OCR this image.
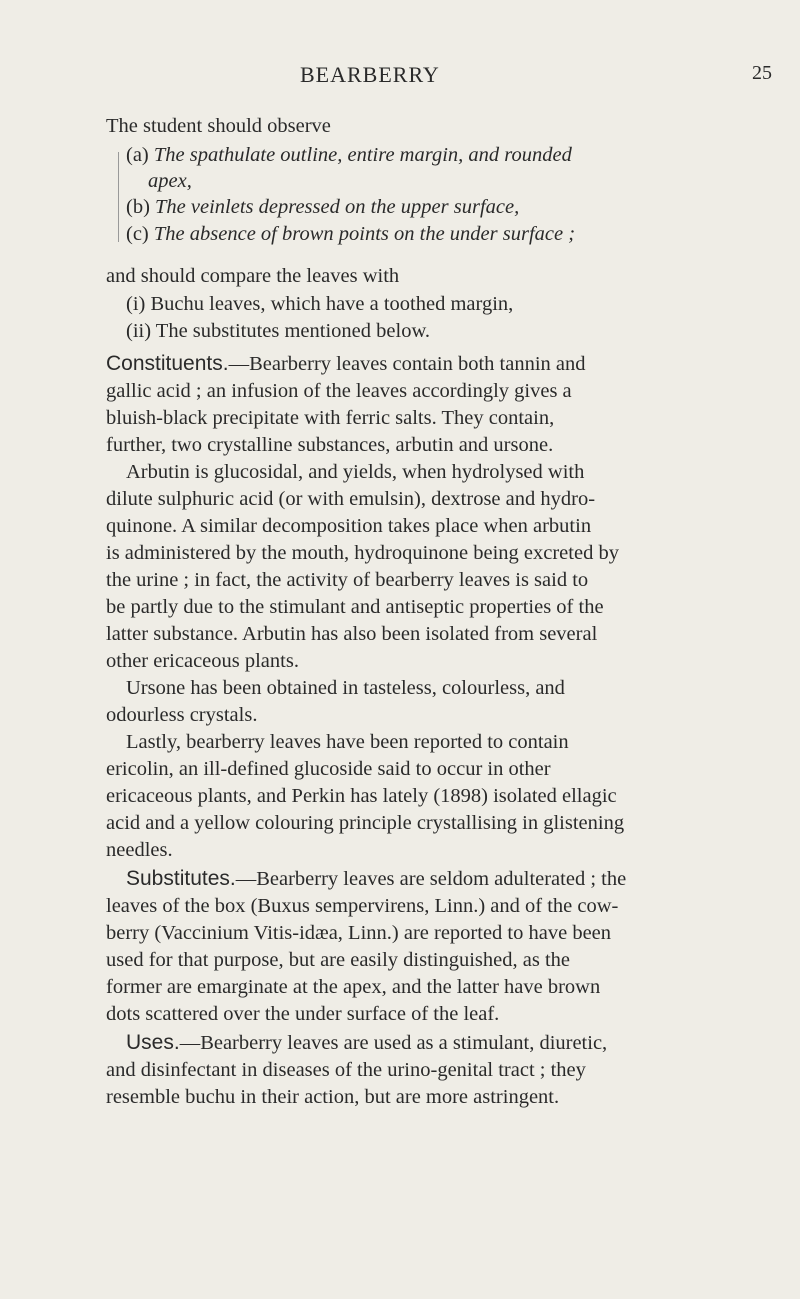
BEARBERRY	25
The student should observe
(a) The spathulate outline, entire margin, and rounded
apex,
(b) The veinlets depressed on the upper surface,
(c) The absence of brown points on the under surface ;
and should compare the leaves with
(i) Buchu leaves, which have a toothed margin,
(ii) The substitutes mentioned below.
Constituents.—Bearberry leaves contain both tannin and
gallic acid ; an infusion of the leaves accordingly gives a
bluish-black precipitate with ferric salts. They contain,
further, two crystalline substances, arbutin and ursone.
Arbutin is glucosidal, and yields, when hydrolysed with
dilute sulphuric acid (or with emulsin), dextrose and hydro-
quinone. A similar decomposition takes place when arbutin
is administered by the mouth, hydroquinone being excreted by
the urine ; in fact, the activity of bearberry leaves is said to
be partly due to the stimulant and antiseptic properties of the
latter substance. Arbutin has also been isolated from several
other ericaceous plants.
Ursone has been obtained in tasteless, colourless, and
odourless crystals.
Lastly, bearberry leaves have been reported to contain
ericolin, an ill-defined glucoside said to occur in other
ericaceous plants, and Perkin has lately (1898) isolated ellagic
acid and a yellow colouring principle crystallising in glistening
needles.
Substitutes.—Bearberry leaves are seldom adulterated ; the
leaves of the box (Buxus sempervirens, Linn.) and of the cow-
berry (Vaccinium Vitis-idæa, Linn.) are reported to have been
used for that purpose, but are easily distinguished, as the
former are emarginate at the apex, and the latter have brown
dots scattered over the under surface of the leaf.
Uses.—Bearberry leaves are used as a stimulant, diuretic,
and disinfectant in diseases of the urino-genital tract ; they
resemble buchu in their action, but are more astringent.
